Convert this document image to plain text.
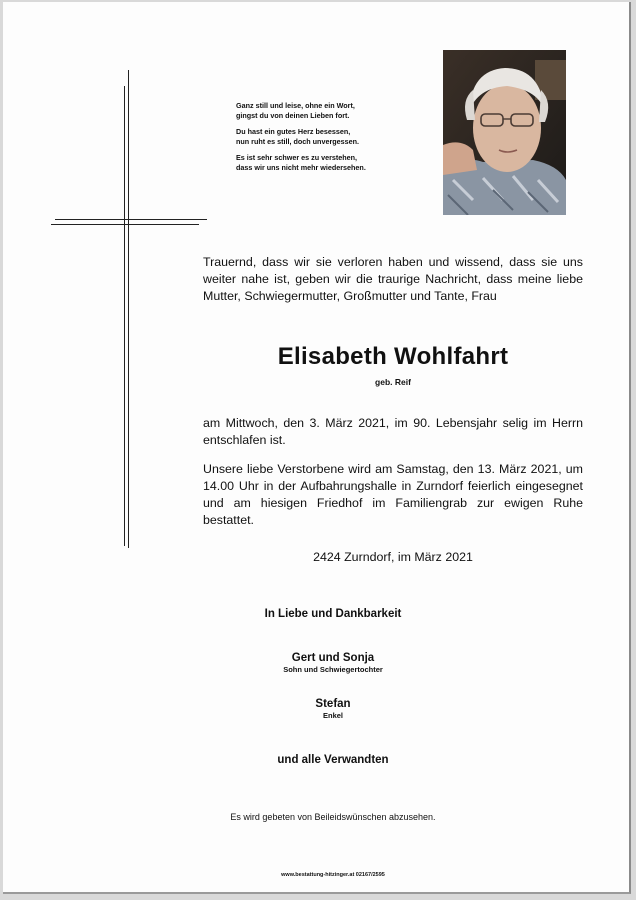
Ganz still und leise, ohne ein Wort,
gingst du von deinen Lieben fort.

Du hast ein gutes Herz besessen,
nun ruht es still, doch unvergessen.

Es ist sehr schwer es zu verstehen,
dass wir uns nicht mehr wiedersehen.

Trauernd, dass wir sie verloren haben und wissend, dass sie uns weiter nahe ist, geben wir die traurige Nachricht, dass meine liebe Mutter, Schwiegermutter, Großmutter und Tante, Frau

Elisabeth Wohlfahrt

geb. Reif

am Mittwoch, den 3. März 2021, im 90. Lebensjahr selig im Herrn entschlafen ist.

Unsere liebe Verstorbene wird am Samstag, den 13. März 2021, um 14.00 Uhr in der Aufbahrungshalle in Zurndorf feierlich eingesegnet und am hiesigen Friedhof im Familiengrab zur ewigen Ruhe bestattet.

2424 Zurndorf, im März 2021

In Liebe und Dankbarkeit

Gert und Sonja
Sohn und Schwiegertochter
Stefan
Enkel

und alle Verwandten

Es wird gebeten von Beileidswünschen abzusehen.

www.bestattung-hitzinger.at 02167/2595
